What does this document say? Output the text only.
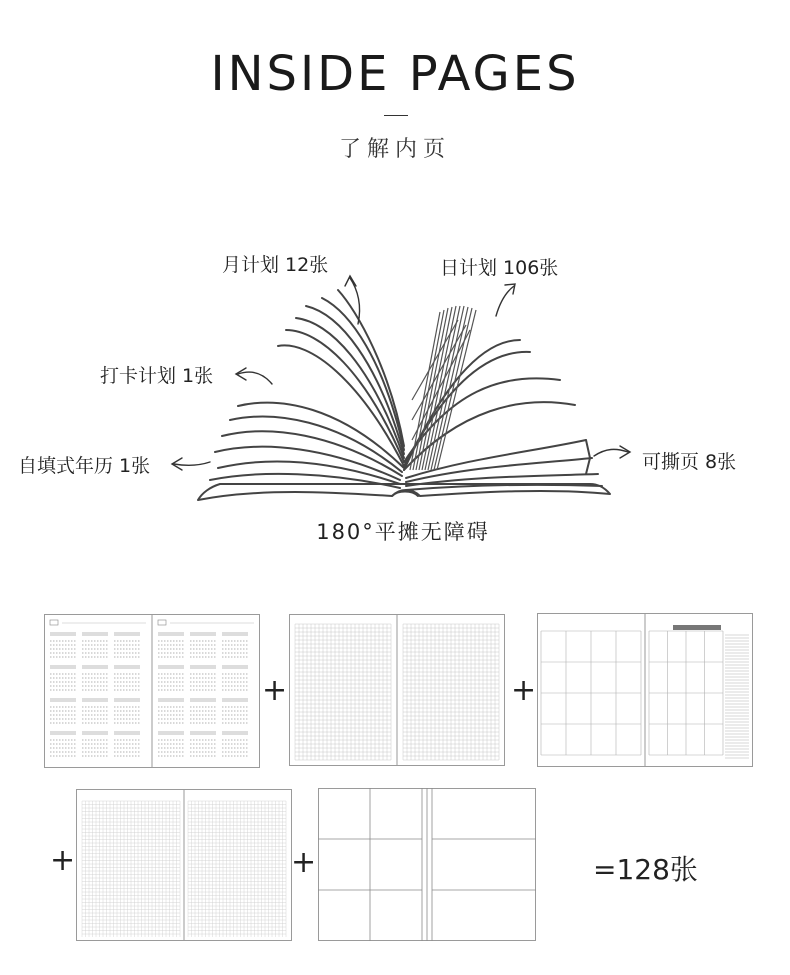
INSIDE PAGES
了解内页
月计划 12张	日计划 106张
打卡计划 1张
自填式年历 1张	可撕页 8张
180°平摊无障碍
+	+
+	+	=128张
